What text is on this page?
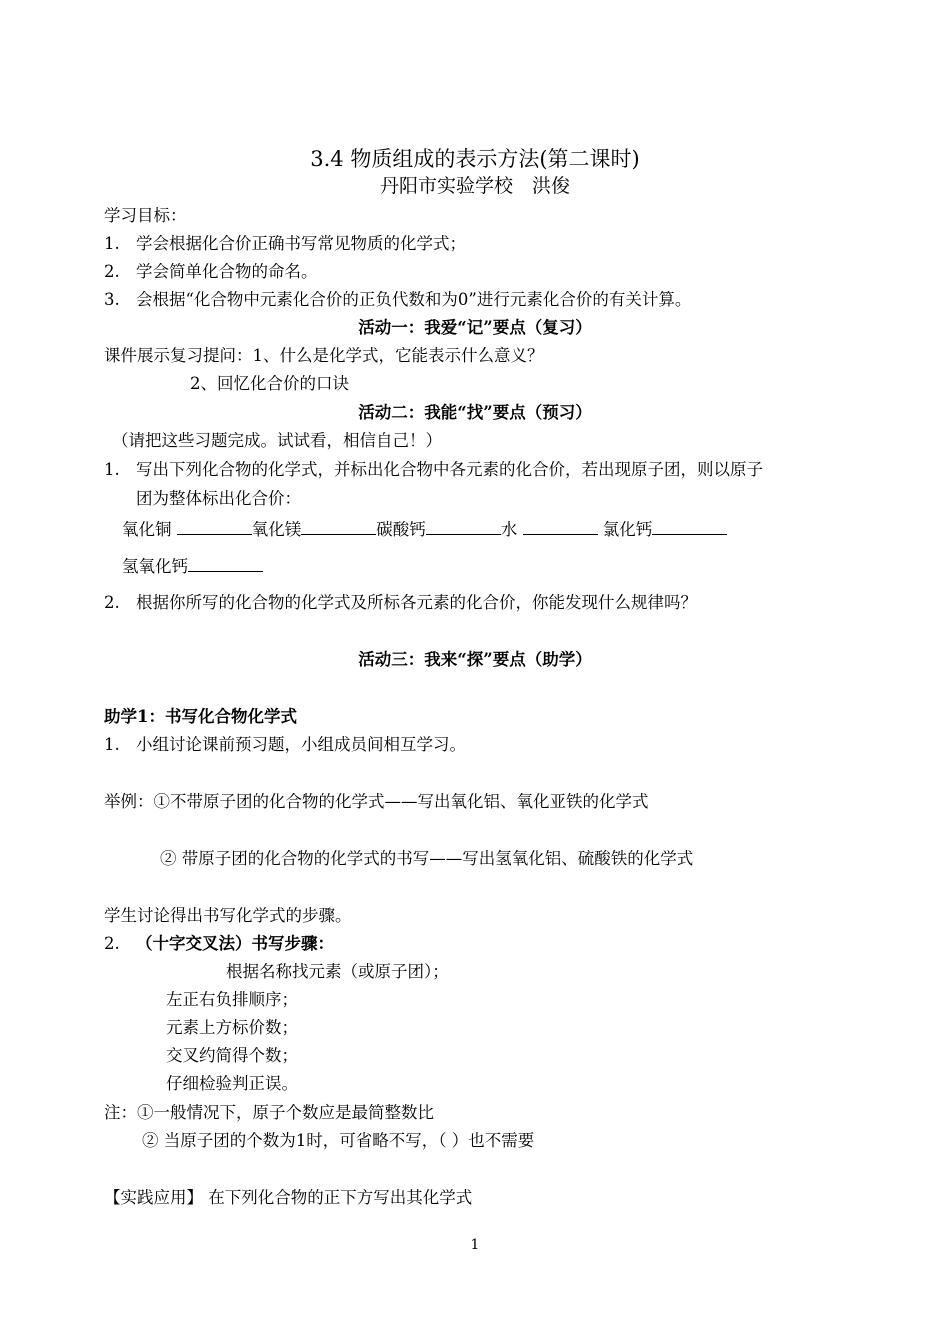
3.4 物质组成的表示方法(第二课时)
丹阳市实验学校　洪俊
学习目标：
1. 学会根据化合价正确书写常见物质的化学式；
2. 学会简单化合物的命名。
3. 会根据“化合物中元素化合价的正负代数和为0”进行元素化合价的有关计算。
活动一：我爱“记”要点（复习）
课件展示复习提问：1、什么是化学式，它能表示什么意义？
2、回忆化合价的口诀
活动二：我能“找”要点（预习）
（请把这些习题完成。试试看，相信自己！）
1. 写出下列化合物的化学式，并标出化合物中各元素的化合价，若出现原子团，则以原子
团为整体标出化合价：
氧化铜	氧化镁	碳酸钙	水	氯化钙
氢氧化钙
2. 根据你所写的化合物的化学式及所标各元素的化合价，你能发现什么规律吗？
活动三：我来“探”要点（助学）
助学1：书写化合物化学式
1. 小组讨论课前预习题，小组成员间相互学习。
举例：①不带原子团的化合物的化学式——写出氧化铝、氧化亚铁的化学式
② 带原子团的化合物的化学式的书写——写出氢氧化铝、硫酸铁的化学式
学生讨论得出书写化学式的步骤。
2. （十字交叉法）书写步骤：
根据名称找元素（或原子团）；
左正右负排顺序；
元素上方标价数；
交叉约简得个数；
仔细检验判正误。
注：①一般情况下，原子个数应是最简整数比
② 当原子团的个数为1时，可省略不写，（ ）也不需要
【实践应用】 在下列化合物的正下方写出其化学式
1
